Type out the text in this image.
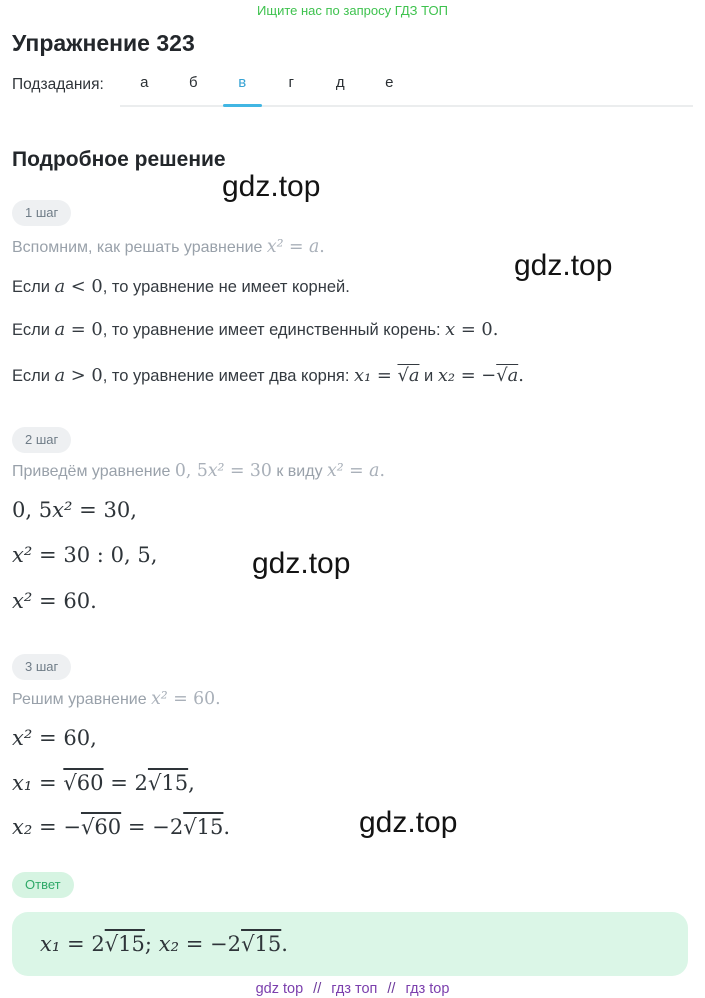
Ищите нас по запросу ГДЗ ТОП
Упражнение 323
Подзадания:	а	б	в	г	д	е
Подробное решение
1 шаг
Вспомним, как решать уравнение x² = a.
Если a < 0, то уравнение не имеет корней.
Если a = 0, то уравнение имеет единственный корень: x = 0.
Если a > 0, то уравнение имеет два корня: x₁ = √a и x₂ = −√a.
2 шаг
Приведём уравнение 0, 5x² = 30 к виду x² = a.
0, 5x² = 30,
x² = 30 : 0, 5,
x² = 60.
3 шаг
Решим уравнение x² = 60.
x² = 60,
x₁ = √60 = 2√15,
x₂ = −√60 = −2√15.
Ответ
x₁ = 2√15; x₂ = −2√15.
gdz top // гдз топ // гдз top
gdz.top
gdz.top
gdz.top
gdz.top
